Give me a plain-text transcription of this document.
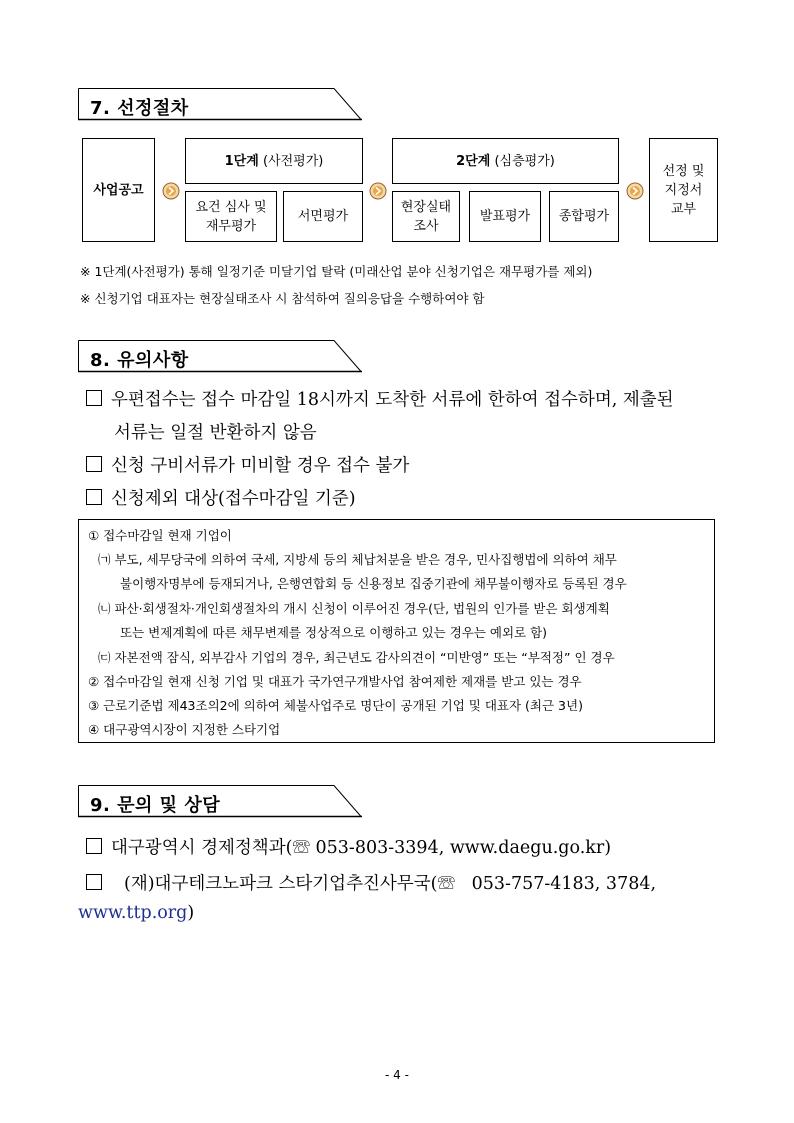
7. 선정절차
사업공고
1단계
(사전평가)
요건 심사 및
재무평가
서면평가
2단계
(심층평가)
현장실태
조사
발표평가	종합평가
선정 및
지정서
교부
※ 1단계(사전평가) 통해 일정기준 미달기업 탈락 (미래산업 분야 신청기업은 재무평가를 제외)
※ 신청기업 대표자는 현장실태조사 시 참석하여 질의응답을 수행하여야 함
8. 유의사항
우편접수는 접수 마감일 18시까지 도착한 서류에 한하여 접수하며, 제출된
서류는 일절 반환하지 않음
신청 구비서류가 미비할 경우 접수 불가
신청제외 대상(접수마감일 기준)
① 접수마감일 현재 기업이
㈀ 부도, 세무당국에 의하여 국세, 지방세 등의 체납처분을 받은 경우, 민사집행법에 의하여 채무
불이행자명부에 등재되거나, 은행연합회 등 신용정보 집중기관에 채무불이행자로 등록된 경우
㈁ 파산·회생절차·개인회생절차의 개시 신청이 이루어진 경우(단, 법원의 인가를 받은 회생계획
또는 변제계획에 따른 채무변제를 정상적으로 이행하고 있는 경우는 예외로 함)
㈂ 자본전액 잠식, 외부감사 기업의 경우, 최근년도 감사의견이 “미반영” 또는 “부적정” 인 경우
② 접수마감일 현재 신청 기업 및 대표가 국가연구개발사업 참여제한 제재를 받고 있는 경우
③ 근로기준법 제43조의2에 의하여 체불사업주로 명단이 공개된 기업 및 대표자 (최근 3년)
④ 대구광역시장이 지정한 스타기업
9. 문의 및 상담
대구광역시 경제정책과(☏ 053-803-3394, www.daegu.go.kr)
(재)대구테크노파크 스타기업추진사무국(☏ 053-757-4183, 3784,
www.ttp.org)
- 4 -
